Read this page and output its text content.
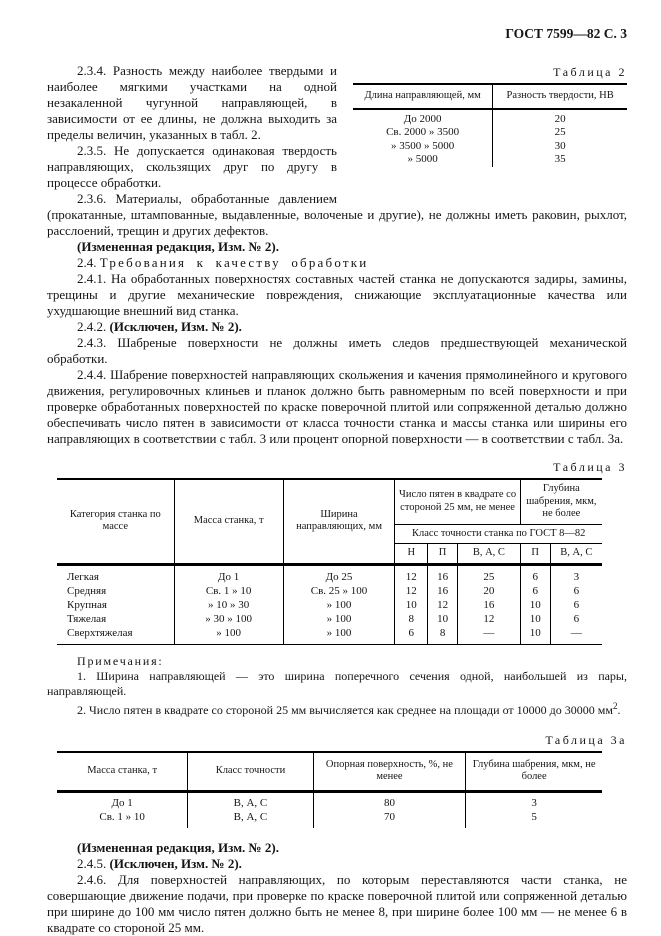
ГОСТ 7599—82 С. 3

2.3.4. Разность между наиболее твердыми и наиболее мягкими участками на одной незакаленной чугунной направляющей, в зависимости от ее длины, не должна выходить за пределы величин, указанных в табл. 2.

2.3.5. Не допускается одинаковая твердость направляющих, скользящих друг по другу в процессе обработки.

2.3.6. Материалы, обработанные давлением

Таблица 2

Длина направляющей, мм	Разность твердости, НВ
До 2000	20
Св. 2000 » 3500	25
» 3500 » 5000	30
» 5000	35

(прокатанные, штампованные, выдавленные, волоченые и другие), не должны иметь раковин, рыхлот, расслоений, трещин и других дефектов.

(Измененная редакция, Изм. № 2).

2.4. Требования к качеству обработки

2.4.1. На обработанных поверхностях составных частей станка не допускаются задиры, замины, трещины и другие механические повреждения, снижающие эксплуатационные качества или ухудшающие внешний вид станка.

2.4.2. (Исключен, Изм. № 2).

2.4.3. Шабреные поверхности не должны иметь следов предшествующей механической обработки.

2.4.4. Шабрение поверхностей направляющих скольжения и качения прямолинейного и кругового движения, регулировочных клиньев и планок должно быть равномерным по всей поверхности и при проверке обработанных поверхностей по краске поверочной плитой или сопряженной деталью должно обеспечивать число пятен в зависимости от класса точности станка и массы станка или ширины его направляющих в соответствии с табл. 3 или процент опорной поверхности — в соответствии с табл. 3а.

Таблица 3

Категория станка по массе	Масса станка, т	Ширина направляющих, мм	Число пятен в квадрате со стороной 25 мм, не менее			Глубина шабрения, мкм, не более	
			Класс точности станка по ГОСТ 8—82				
			Н	П	В, А, С	П	В, А, С
Легкая	До 1	До 25	12	16	25	6	3
Средняя	Св. 1 » 10	Св. 25 » 100	12	16	20	6	6
Крупная	» 10 » 30	» 100	10	12	16	10	6
Тяжелая	» 30 » 100	» 100	8	10	12	10	6
Сверхтяжелая	» 100	» 100	6	8	—	10	—

Примечания:

1. Ширина направляющей — это ширина поперечного сечения одной, наибольшей из пары, направляющей.

2. Число пятен в квадрате со стороной 25 мм вычисляется как среднее на площади от 10000 до 30000 $мм^2$.

Таблица 3а

Масса станка, т	Класс точности	Опорная поверхность, %, не менее	Глубина шабрения, мкм, не более
До 1	В, А, С	80	3
Св. 1 » 10	В, А, С	70	5

(Измененная редакция, Изм. № 2).

2.4.5. (Исключен, Изм. № 2).

2.4.6. Для поверхностей направляющих, по которым переставляются части станка, не совершающие движение подачи, при проверке по краске поверочной плитой или сопряженной деталью при ширине до 100 мм число пятен должно быть не менее 8, при ширине более 100 мм — не менее 6 в квадрате со стороной 25 мм.
